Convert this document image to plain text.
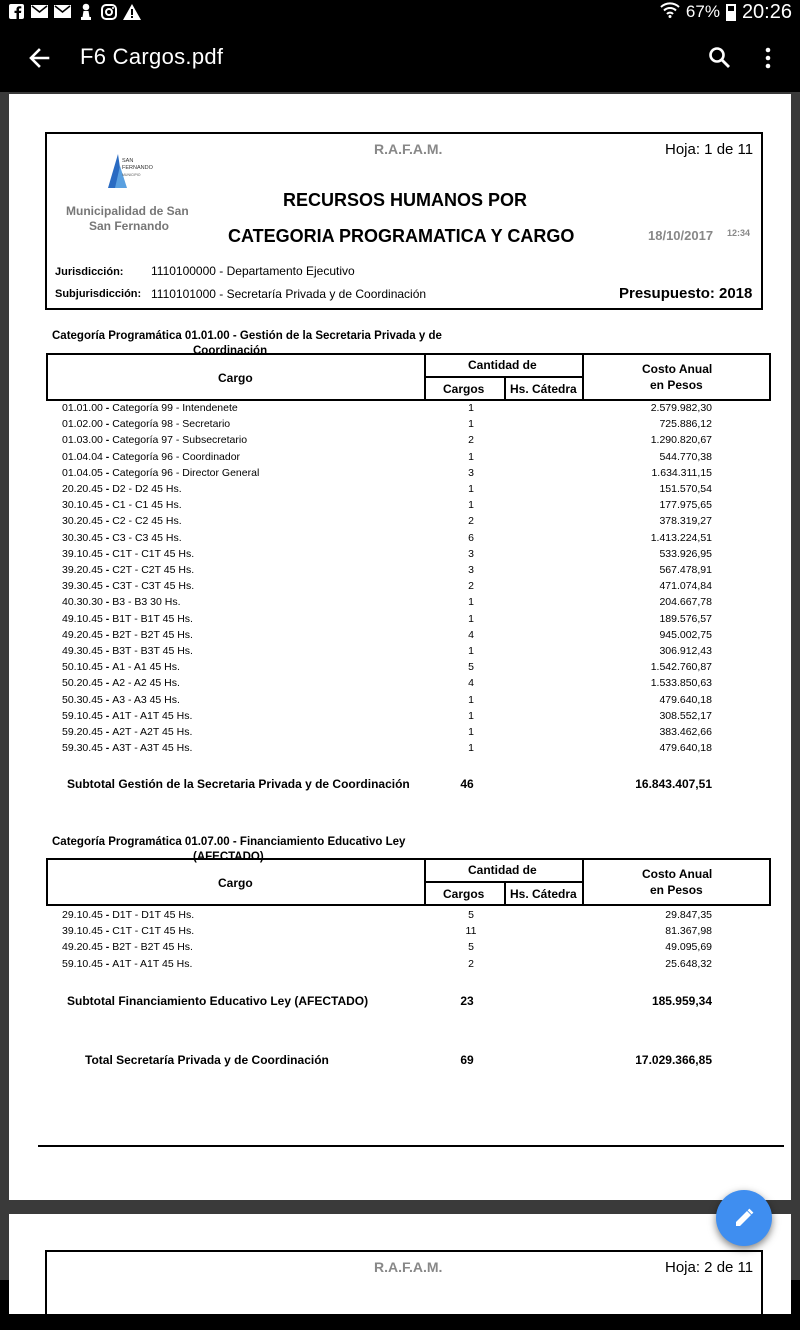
67% 20:26
F6 Cargos.pdf
R.A.F.A.M.	Hoja: 1 de 11
SAN
FERNANDO
MUNICIPIO
Municipalidad de San
San Fernando
RECURSOS HUMANOS POR
CATEGORIA PROGRAMATICA Y CARGO	18/10/2017 12:34
Jurisdicción: 1110100000 - Departamento Ejecutivo
Subjurisdicción: 1110101000 - Secretaría Privada y de Coordinación	Presupuesto: 2018
Categoría Programática 01.01.00 - Gestión de la Secretaria Privada y de
Coordinación
Cargo
Cantidad de
Cargos Hs. Cátedra
Costo Anual
en Pesos
01.01.00 - Categoría 99 - Intendenete	1	2.579.982,30
01.02.00 - Categoría 98 - Secretario	1	725.886,12
01.03.00 - Categoría 97 - Subsecretario	2	1.290.820,67
01.04.04 - Categoría 96 - Coordinador	1	544.770,38
01.04.05 - Categoría 96 - Director General	3	1.634.311,15
20.20.45 - D2 - D2 45 Hs.	1	151.570,54
30.10.45 - C1 - C1 45 Hs.	1	177.975,65
30.20.45 - C2 - C2 45 Hs.	2	378.319,27
30.30.45 - C3 - C3 45 Hs.	6	1.413.224,51
39.10.45 - C1T - C1T 45 Hs.	3	533.926,95
39.20.45 - C2T - C2T 45 Hs.	3	567.478,91
39.30.45 - C3T - C3T 45 Hs.	2	471.074,84
40.30.30 - B3 - B3 30 Hs.	1	204.667,78
49.10.45 - B1T - B1T 45 Hs.	1	189.576,57
49.20.45 - B2T - B2T 45 Hs.	4	945.002,75
49.30.45 - B3T - B3T 45 Hs.	1	306.912,43
50.10.45 - A1 - A1 45 Hs.	5	1.542.760,87
50.20.45 - A2 - A2 45 Hs.	4	1.533.850,63
50.30.45 - A3 - A3 45 Hs.	1	479.640,18
59.10.45 - A1T - A1T 45 Hs.	1	308.552,17
59.20.45 - A2T - A2T 45 Hs.	1	383.462,66
59.30.45 - A3T - A3T 45 Hs.	1	479.640,18
Subtotal Gestión de la Secretaria Privada y de Coordinación	46	16.843.407,51
Categoría Programática 01.07.00 - Financiamiento Educativo Ley
(AFECTADO)
Cargo
Cantidad de
Cargos Hs. Cátedra
Costo Anual
en Pesos
29.10.45 - D1T - D1T 45 Hs.	5	29.847,35
39.10.45 - C1T - C1T 45 Hs.	11	81.367,98
49.20.45 - B2T - B2T 45 Hs.	5	49.095,69
59.10.45 - A1T - A1T 45 Hs.	2	25.648,32
Subtotal Financiamiento Educativo Ley (AFECTADO)	23	185.959,34
Total Secretaría Privada y de Coordinación	69	17.029.366,85
R.A.F.A.M.	Hoja: 2 de 11
